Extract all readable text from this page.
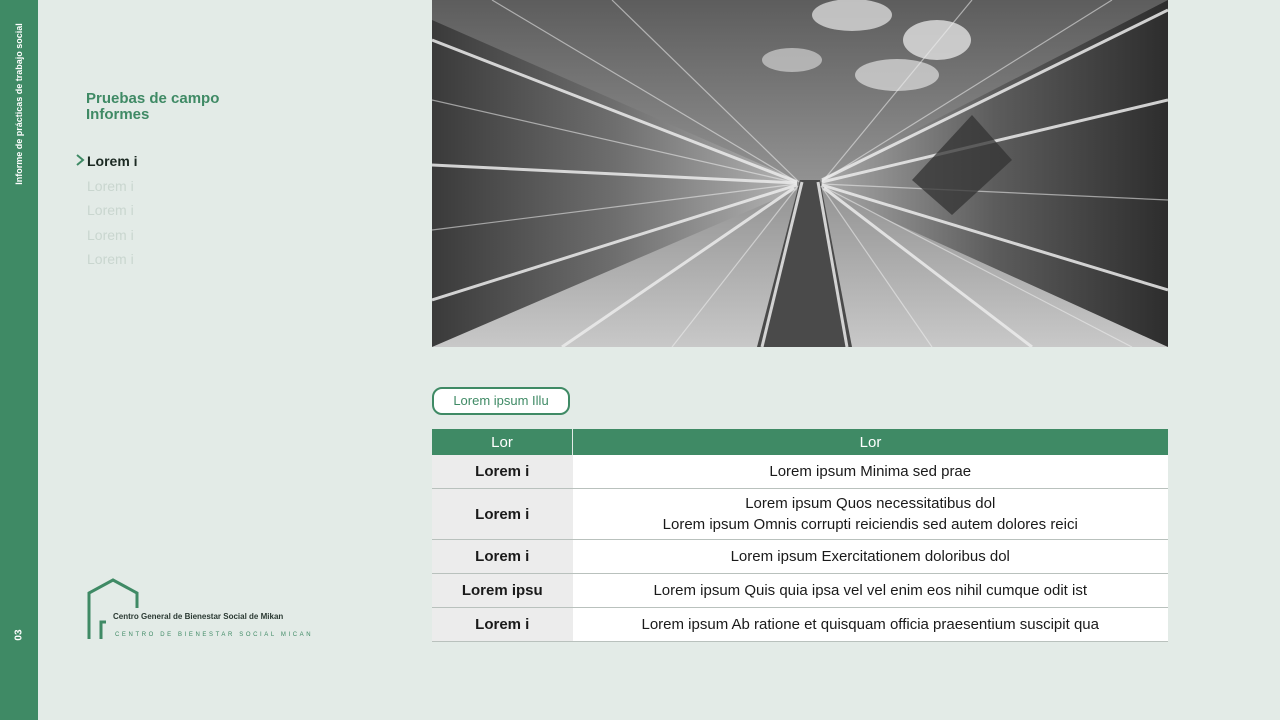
Informe de prácticas de trabajo social
03
Pruebas de campo
Informes
Lorem i
Lorem i
Lorem i
Lorem i
Lorem i
Centro General de Bienestar Social de Mikan
CENTRO DE BIENESTAR SOCIAL MICAN
Lorem ipsum Illu
Lor	Lor
Lorem i	Lorem ipsum Minima sed prae
Lorem i	Lorem ipsum Quos necessitatibus dol
Lorem ipsum Omnis corrupti reiciendis sed autem dolores reici

Lorem i	Lorem ipsum Exercitationem doloribus dol
Lorem ipsu	Lorem ipsum Quis quia ipsa vel vel enim eos nihil cumque odit ist
Lorem i	Lorem ipsum Ab ratione et quisquam officia praesentium suscipit qua
